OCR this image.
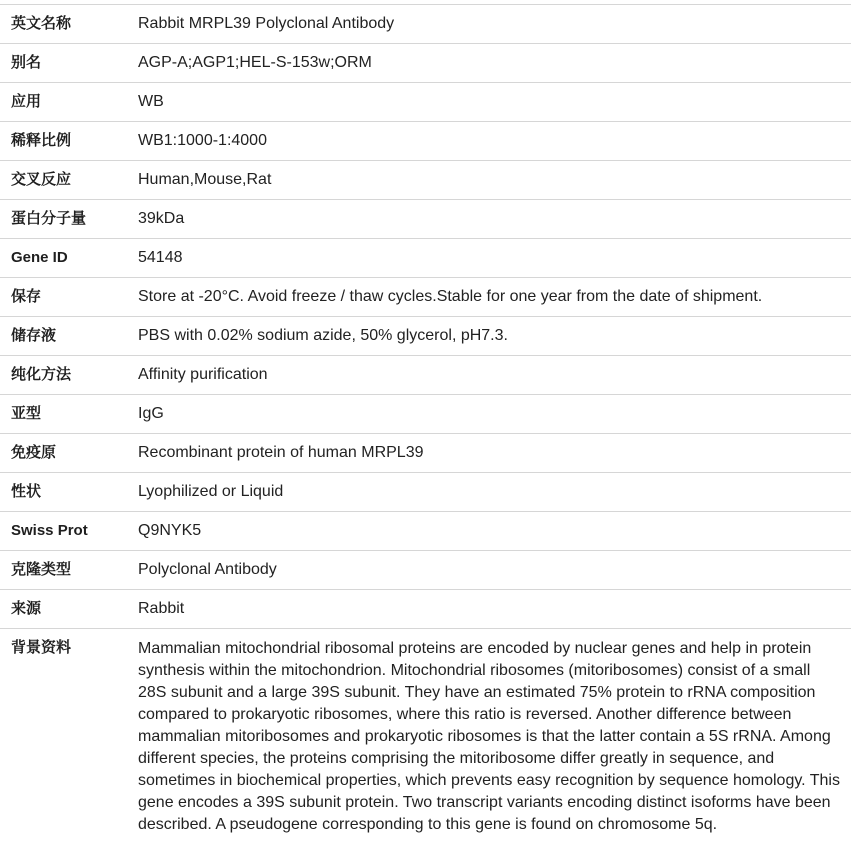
英文名称	Rabbit MRPL39 Polyclonal Antibody
别名	AGP-A;AGP1;HEL-S-153w;ORM
应用	WB
稀释比例	WB1:1000-1:4000
交叉反应	Human,Mouse,Rat
蛋白分子量	39kDa
Gene ID	54148
保存	Store at -20°C. Avoid freeze / thaw cycles.Stable for one year from the date of shipment.
储存液	PBS with 0.02% sodium azide, 50% glycerol, pH7.3.
纯化方法	Affinity purification
亚型	IgG
免疫原	Recombinant protein of human MRPL39
性状	Lyophilized or Liquid
Swiss Prot	Q9NYK5
克隆类型	Polyclonal Antibody
来源	Rabbit
背景资料	Mammalian mitochondrial ribosomal proteins are encoded by nuclear genes and help in protein synthesis within the mitochondrion. Mitochondrial ribosomes (mitoribosomes) consist of a small 28S subunit and a large 39S subunit. They have an estimated 75% protein to rRNA composition compared to prokaryotic ribosomes, where this ratio is reversed. Another difference between mammalian mitoribosomes and prokaryotic ribosomes is that the latter contain a 5S rRNA. Among different species, the proteins comprising the mitoribosome differ greatly in sequence, and sometimes in biochemical properties, which prevents easy recognition by sequence homology. This gene encodes a 39S subunit protein. Two transcript variants encoding distinct isoforms have been described. A pseudogene corresponding to this gene is found on chromosome 5q.
